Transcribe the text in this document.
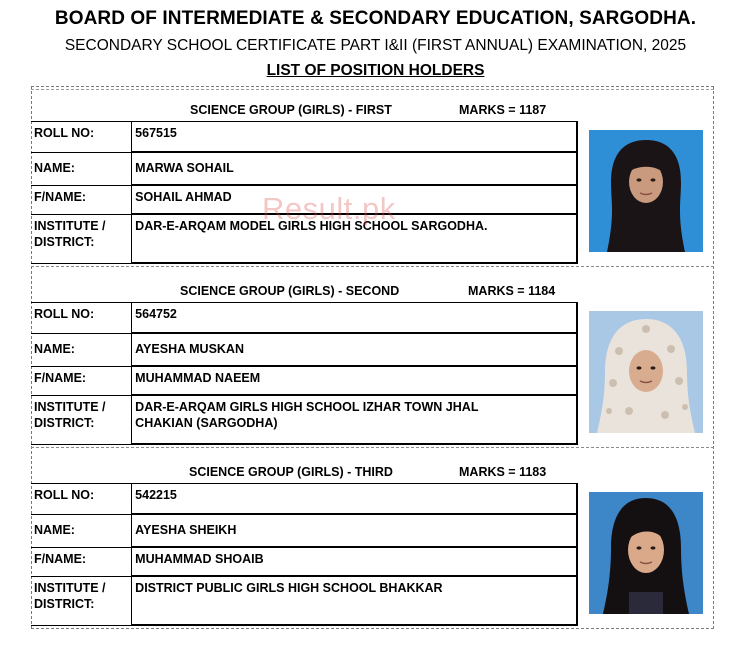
BOARD OF INTERMEDIATE & SECONDARY EDUCATION, SARGODHA.
SECONDARY SCHOOL CERTIFICATE PART I&II (FIRST ANNUAL) EXAMINATION, 2025
LIST OF POSITION HOLDERS
SCIENCE GROUP (GIRLS) - FIRST	MARKS = 1187
ROLL NO:	567515
NAME:	MARWA SOHAIL
F/NAME:	SOHAIL AHMAD
INSTITUTE /
DISTRICT:	DAR-E-ARQAM MODEL GIRLS HIGH SCHOOL SARGODHA.

SCIENCE GROUP (GIRLS) - SECOND	MARKS = 1184
ROLL NO:	564752
NAME:	AYESHA MUSKAN
F/NAME:	MUHAMMAD NAEEM
INSTITUTE /
DISTRICT:	DAR-E-ARQAM GIRLS HIGH SCHOOL IZHAR TOWN JHAL
CHAKIAN (SARGODHA)
SCIENCE GROUP (GIRLS) - THIRD	MARKS = 1183
ROLL NO:	542215
NAME:	AYESHA SHEIKH
F/NAME:	MUHAMMAD SHOAIB
INSTITUTE /
DISTRICT:	DISTRICT PUBLIC GIRLS HIGH SCHOOL BHAKKAR

Result.pk
